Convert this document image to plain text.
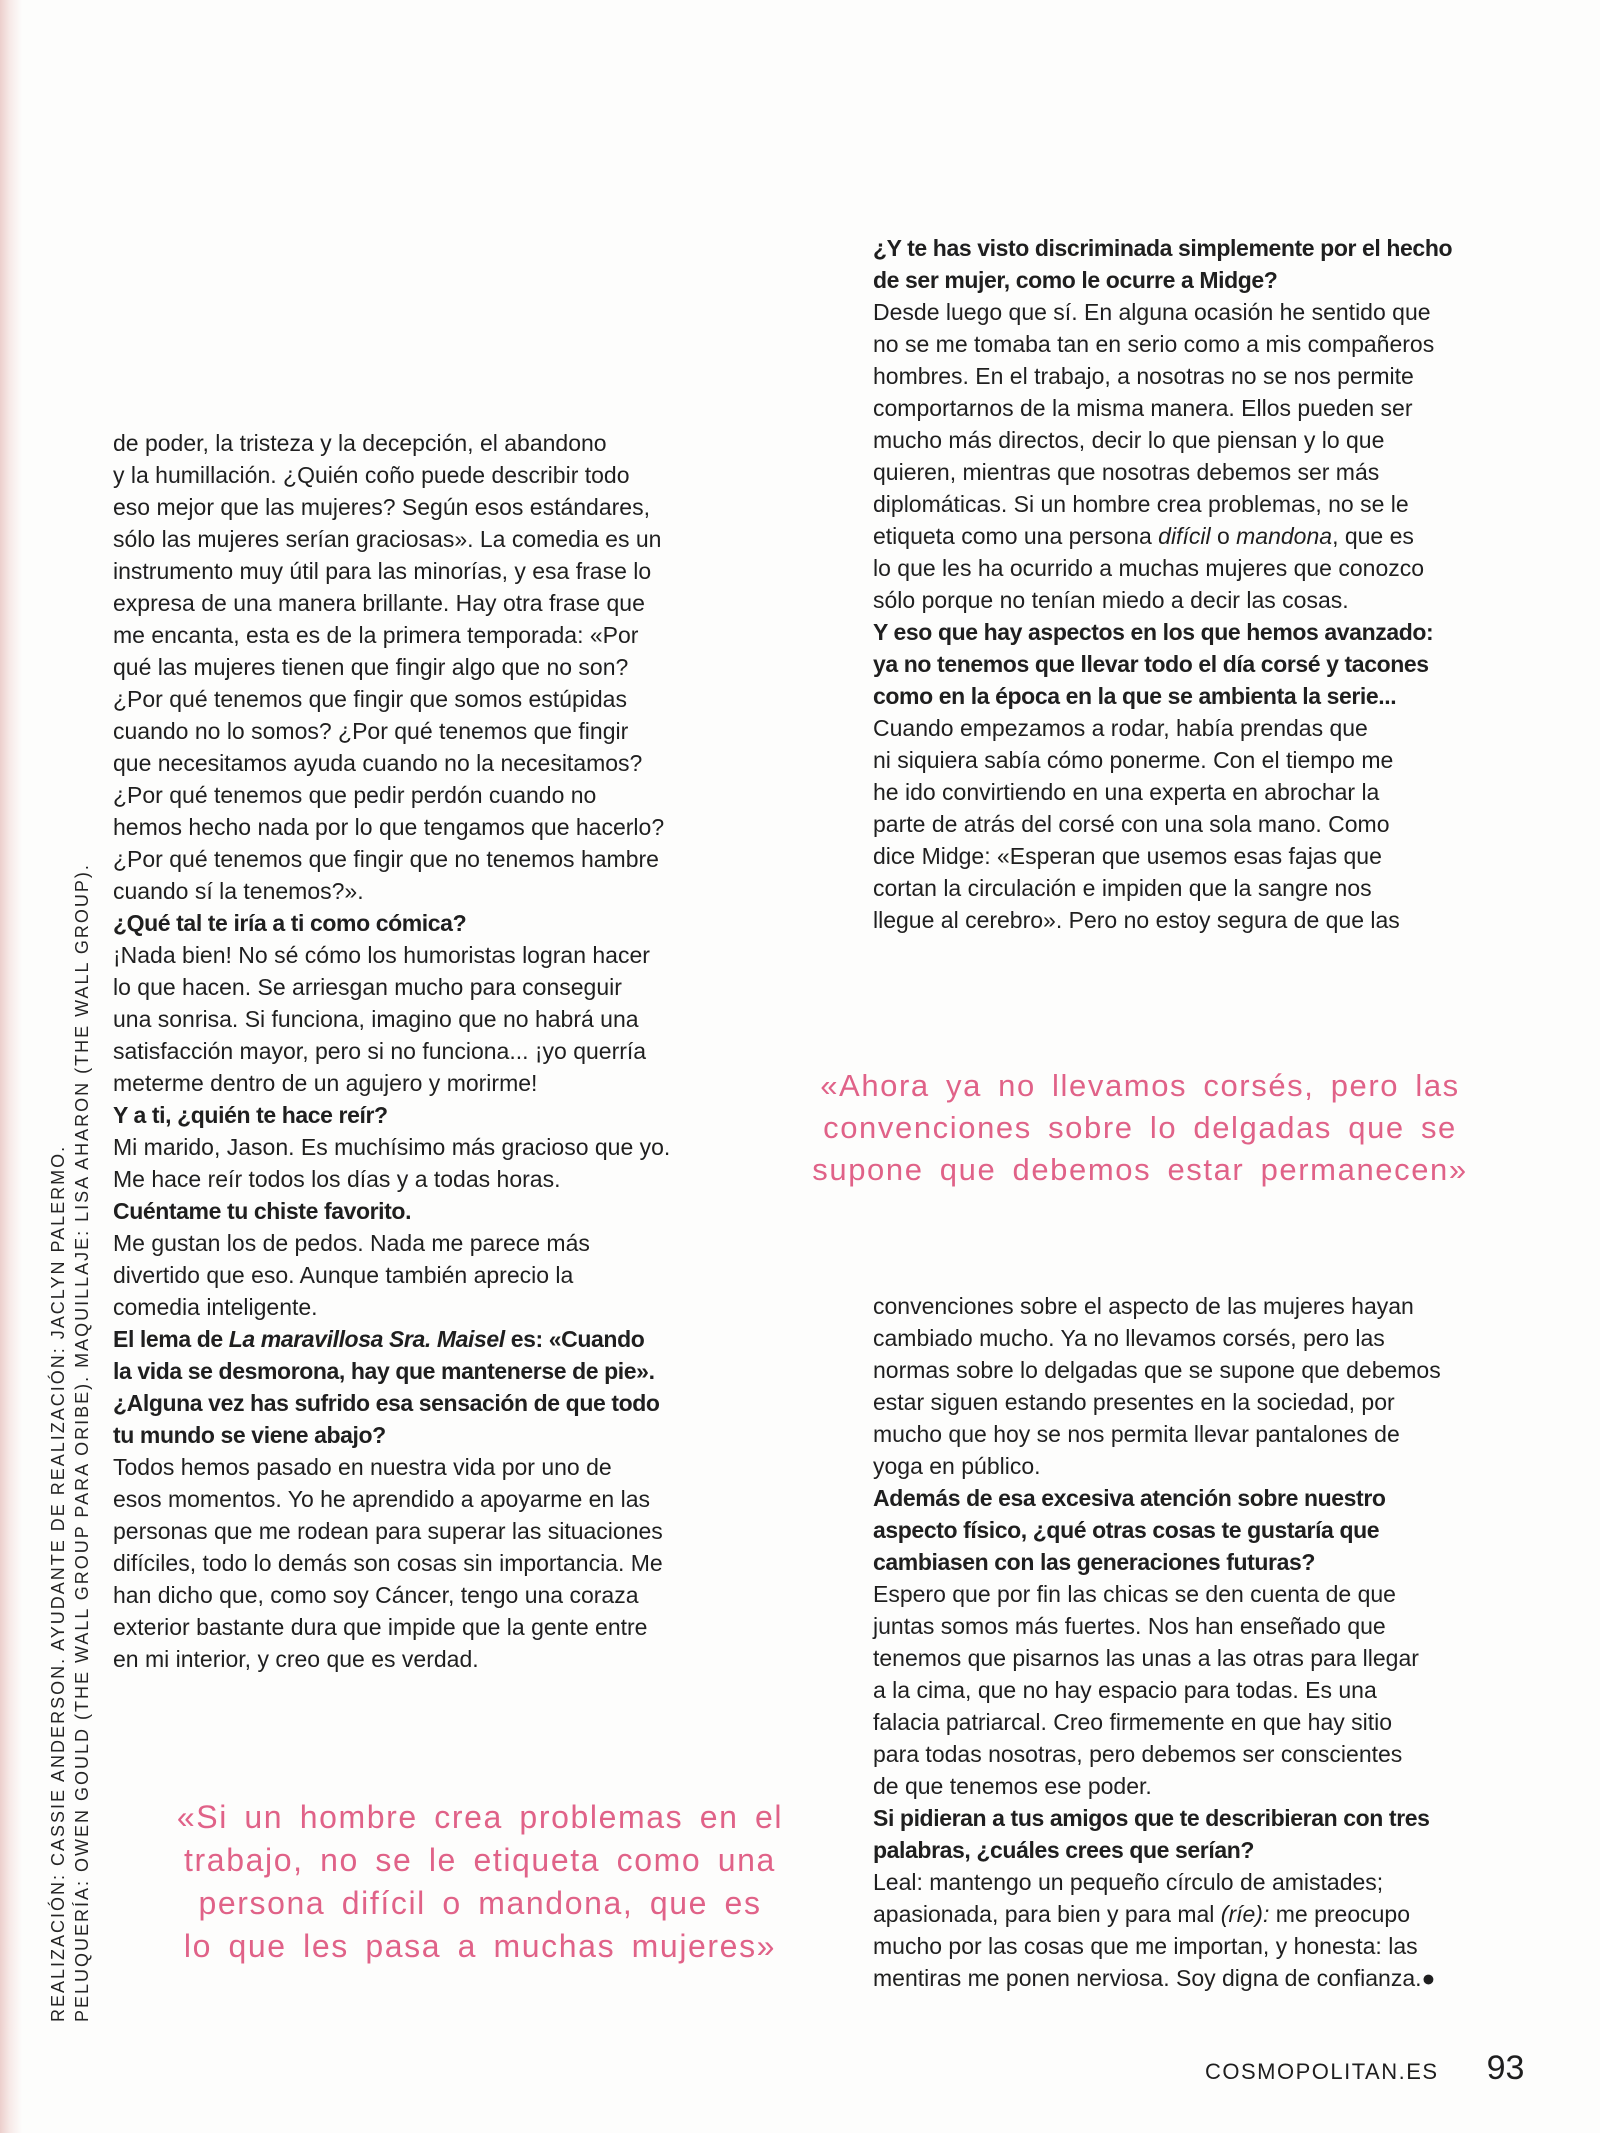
REALIZACIÓN: CASSIE ANDERSON. AYUDANTE DE REALIZACIÓN: JACLYN PALERMO. PELUQUERÍA: OWEN GOULD (THE WALL GROUP PARA ORIBE). MAQUILLAJE: LISA AHARON (THE WALL GROUP).
de poder, la tristeza y la decepción, el abandono
y la humillación. ¿Quién coño puede describir todo
eso mejor que las mujeres? Según esos estándares,
sólo las mujeres serían graciosas». La comedia es un
instrumento muy útil para las minorías, y esa frase lo
expresa de una manera brillante. Hay otra frase que
me encanta, esta es de la primera temporada: «Por
qué las mujeres tienen que fingir algo que no son?
¿Por qué tenemos que fingir que somos estúpidas
cuando no lo somos? ¿Por qué tenemos que fingir
que necesitamos ayuda cuando no la necesitamos?
¿Por qué tenemos que pedir perdón cuando no
hemos hecho nada por lo que tengamos que hacerlo?
¿Por qué tenemos que fingir que no tenemos hambre
cuando sí la tenemos?».
¿Qué tal te iría a ti como cómica?
¡Nada bien! No sé cómo los humoristas logran hacer
lo que hacen. Se arriesgan mucho para conseguir
una sonrisa. Si funciona, imagino que no habrá una
satisfacción mayor, pero si no funciona... ¡yo querría
meterme dentro de un agujero y morirme!
Y a ti, ¿quién te hace reír?
Mi marido, Jason. Es muchísimo más gracioso que yo.
Me hace reír todos los días y a todas horas.
Cuéntame tu chiste favorito.
Me gustan los de pedos. Nada me parece más
divertido que eso. Aunque también aprecio la
comedia inteligente.
El lema de La maravillosa Sra. Maisel es: «Cuando
la vida se desmorona, hay que mantenerse de pie».
¿Alguna vez has sufrido esa sensación de que todo
tu mundo se viene abajo?
Todos hemos pasado en nuestra vida por uno de
esos momentos. Yo he aprendido a apoyarme en las
personas que me rodean para superar las situaciones
difíciles, todo lo demás son cosas sin importancia. Me
han dicho que, como soy Cáncer, tengo una coraza
exterior bastante dura que impide que la gente entre
en mi interior, y creo que es verdad.
¿Y te has visto discriminada simplemente por el hecho
de ser mujer, como le ocurre a Midge?
Desde luego que sí. En alguna ocasión he sentido que
no se me tomaba tan en serio como a mis compañeros
hombres. En el trabajo, a nosotras no se nos permite
comportarnos de la misma manera. Ellos pueden ser
mucho más directos, decir lo que piensan y lo que
quieren, mientras que nosotras debemos ser más
diplomáticas. Si un hombre crea problemas, no se le
etiqueta como una persona difícil o mandona, que es
lo que les ha ocurrido a muchas mujeres que conozco
sólo porque no tenían miedo a decir las cosas.
Y eso que hay aspectos en los que hemos avanzado:
ya no tenemos que llevar todo el día corsé y tacones
como en la época en la que se ambienta la serie...
Cuando empezamos a rodar, había prendas que
ni siquiera sabía cómo ponerme. Con el tiempo me
he ido convirtiendo en una experta en abrochar la
parte de atrás del corsé con una sola mano. Como
dice Midge: «Esperan que usemos esas fajas que
cortan la circulación e impiden que la sangre nos
llegue al cerebro». Pero no estoy segura de que las
«Ahora ya no llevamos corsés, pero las
convenciones sobre lo delgadas que se
supone que debemos estar permanecen»
convenciones sobre el aspecto de las mujeres hayan
cambiado mucho. Ya no llevamos corsés, pero las
normas sobre lo delgadas que se supone que debemos
estar siguen estando presentes en la sociedad, por
mucho que hoy se nos permita llevar pantalones de
yoga en público.
Además de esa excesiva atención sobre nuestro
aspecto físico, ¿qué otras cosas te gustaría que
cambiasen con las generaciones futuras?
Espero que por fin las chicas se den cuenta de que
juntas somos más fuertes. Nos han enseñado que
tenemos que pisarnos las unas a las otras para llegar
a la cima, que no hay espacio para todas. Es una
falacia patriarcal. Creo firmemente en que hay sitio
para todas nosotras, pero debemos ser conscientes
de que tenemos ese poder.
Si pidieran a tus amigos que te describieran con tres
palabras, ¿cuáles crees que serían?
Leal: mantengo un pequeño círculo de amistades;
apasionada, para bien y para mal (ríe): me preocupo
mucho por las cosas que me importan, y honesta: las
mentiras me ponen nerviosa. Soy digna de confianza.●
«Si un hombre crea problemas en el
trabajo, no se le etiqueta como una
persona difícil o mandona, que es
lo que les pasa a muchas mujeres»
COSMOPOLITAN.ES 93
